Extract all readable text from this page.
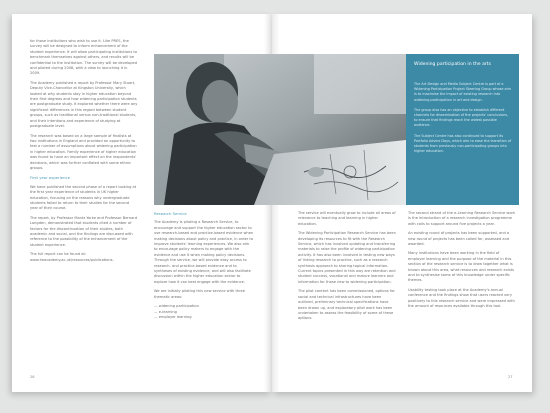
for those institutions who wish to use it. Like PRES, the survey will be designed to inform enhancement of the student experience. It will allow participating institutions to benchmark themselves against others, and results will be confidential to the institution. The survey will be developed and piloted during 2008, with a view to launching it in 2009.

The Academy published a report by Professor Mary Stuart, Deputy Vice-Chancellor at Kingston University, which looked at why students stay in higher education beyond their first degrees and how widening participation students are postgraduate study. It explored whether there were any significant differences in this regard between student groups, such as traditional versus non-traditional students, and their intentions and experience of studying at postgraduate level.

The research was based on a large sample of finalists at two institutions in England and provided an opportunity to test a number of assumptions about widening participation in higher education. Family experience of higher education was found to have an important effect on the respondents' decisions, which was further conflated with some ethnic groups.

First year experience

We have published the second phase of a report looking at the first year experience of students in UK higher education, focusing on the reasons why undergraduate students failed to return to their studies for the second year of their course.

The report, by Professor Mantz Yorke and Professor Bernard Longden, demonstrated that students cited a number of factors for the discontinuation of their studies, both academic and social, and the findings are discussed with reference to the possibility of the enhancement of the student experience.

The full report can be found at: www.heacademy.ac.uk/resources/publications.

Widening participation in the arts

The Art Design and Media Subject Centre is part of a Widening Participation Project Steering Group whose aim is to maximise the impact of existing research into widening participation in art and design.

The group also has an objective to establish different channels for dissemination of the projects' conclusions, to ensure that findings reach the widest possible audience.

The Subject Centre has also continued to support its Portfolio Advice Days, which aim to ease the transition of students from previously non-participating groups into higher education.

Research Service

The Academy is piloting a Research Service, to encourage and support the higher education sector to use research-based and practice-based evidence when making decisions about policy and practice, in order to improve students' learning experiences. We also aim to encourage policy makers to engage with the evidence and use it when making policy decisions. Through the service, we will provide easy access to research- and practice-based evidence and to syntheses of existing evidence, and will also facilitate discussion within the higher education sector to explore how it can best engage with the evidence.

We are initially piloting this new service with three thematic areas:

— widening participation
— e-learning
— employer learning

The service will eventually grow to include all areas of relevance to teaching and learning in higher education.

The Widening Participation Research Service has been developing its resources to fit with the Research Service, which has involved updating and transferring materials to raise the profile of widening participation activity. It has also been involved in testing new ways of linking research to practice, such as a research synthesis approach to sharing topical information. Current topics presented in this way are retention and student success, vocational and mature learners and information for those new to widening participation.

The pilot content has been commissioned, options for social and technical infrastructures have been outlined, preliminary technical specifications have been drawn up, and exploratory pilot work has been undertaken to assess the feasibility of some of these options.

The second strand of the e-Learning Research Service work is the introduction of a research investigation programme with calls to support around five projects a year.

An existing round of projects has been supported, and a new round of projects has been called for, assessed and awarded.

Many institutions have been working in the field of employer learning and the purpose of the material in this section of the research service is to draw together what is known about this area, what resources and research exists and to synthesise some of this knowledge under specific themes.

Usability testing took place at the Academy's annual conference and the findings show that users reacted very positively to this research service and were impressed with the amount of resources available through this tool.

26	27
